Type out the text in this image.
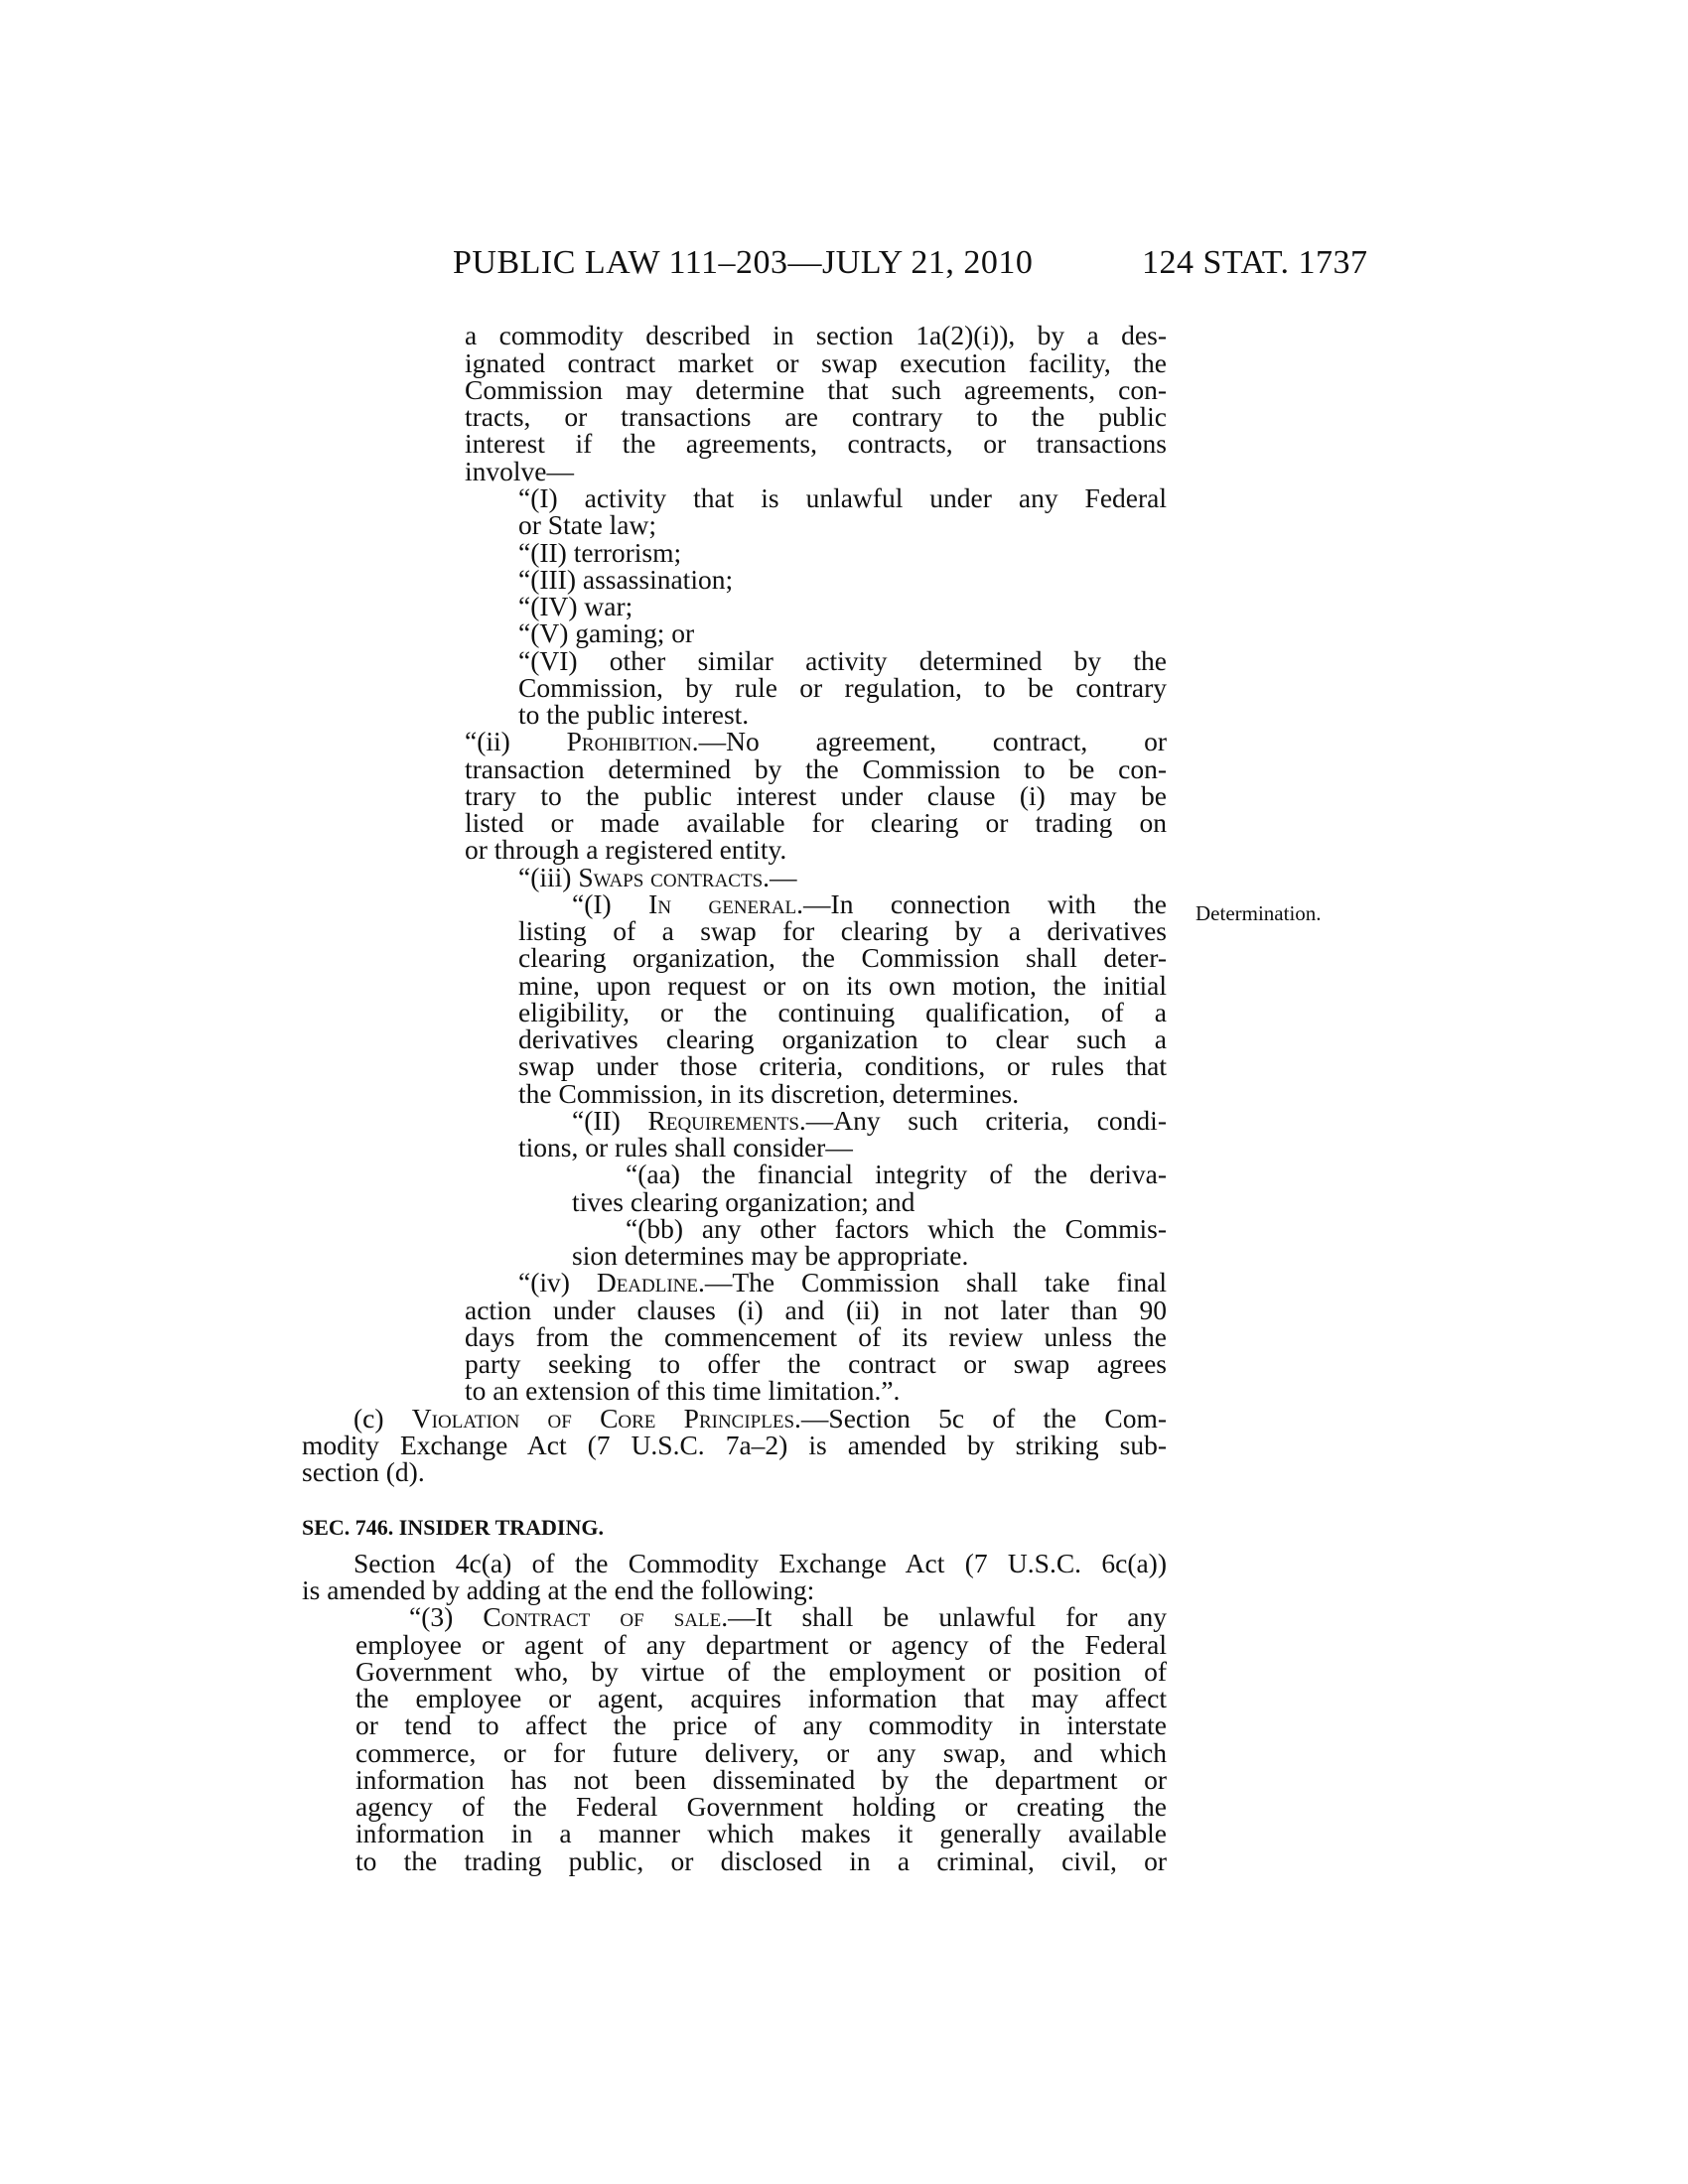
PUBLIC LAW 111–203—JULY 21, 2010	124 STAT. 1737
a commodity described in section 1a(2)(i)), by a des-
ignated contract market or swap execution facility, the
Commission may determine that such agreements, con-
tracts, or transactions are contrary to the public
interest if the agreements, contracts, or transactions
involve—
“(I) activity that is unlawful under any Federal
or State law;
“(II) terrorism;
“(III) assassination;
“(IV) war;
“(V) gaming; or
“(VI) other similar activity determined by the
Commission, by rule or regulation, to be contrary
to the public interest.
“(ii) Prohibition.—No agreement, contract, or
transaction determined by the Commission to be con-
trary to the public interest under clause (i) may be
listed or made available for clearing or trading on
or through a registered entity.
“(iii) Swaps contracts.—
“(I) In general.—In connection with the Determination.
listing of a swap for clearing by a derivatives
clearing organization, the Commission shall deter-
mine, upon request or on its own motion, the initial
eligibility, or the continuing qualification, of a
derivatives clearing organization to clear such a
swap under those criteria, conditions, or rules that
the Commission, in its discretion, determines.
“(II) Requirements.—Any such criteria, condi-
tions, or rules shall consider—
“(aa) the financial integrity of the deriva-
tives clearing organization; and
“(bb) any other factors which the Commis-
sion determines may be appropriate.
“(iv) Deadline.—The Commission shall take final
action under clauses (i) and (ii) in not later than 90
days from the commencement of its review unless the
party seeking to offer the contract or swap agrees
to an extension of this time limitation.”.
(c) Violation of Core Principles.—Section 5c of the Com-
modity Exchange Act (7 U.S.C. 7a–2) is amended by striking sub-
section (d).
SEC. 746. INSIDER TRADING.
Section 4c(a) of the Commodity Exchange Act (7 U.S.C. 6c(a))
is amended by adding at the end the following:
“(3) Contract of sale.—It shall be unlawful for any
employee or agent of any department or agency of the Federal
Government who, by virtue of the employment or position of
the employee or agent, acquires information that may affect
or tend to affect the price of any commodity in interstate
commerce, or for future delivery, or any swap, and which
information has not been disseminated by the department or
agency of the Federal Government holding or creating the
information in a manner which makes it generally available
to the trading public, or disclosed in a criminal, civil, or
